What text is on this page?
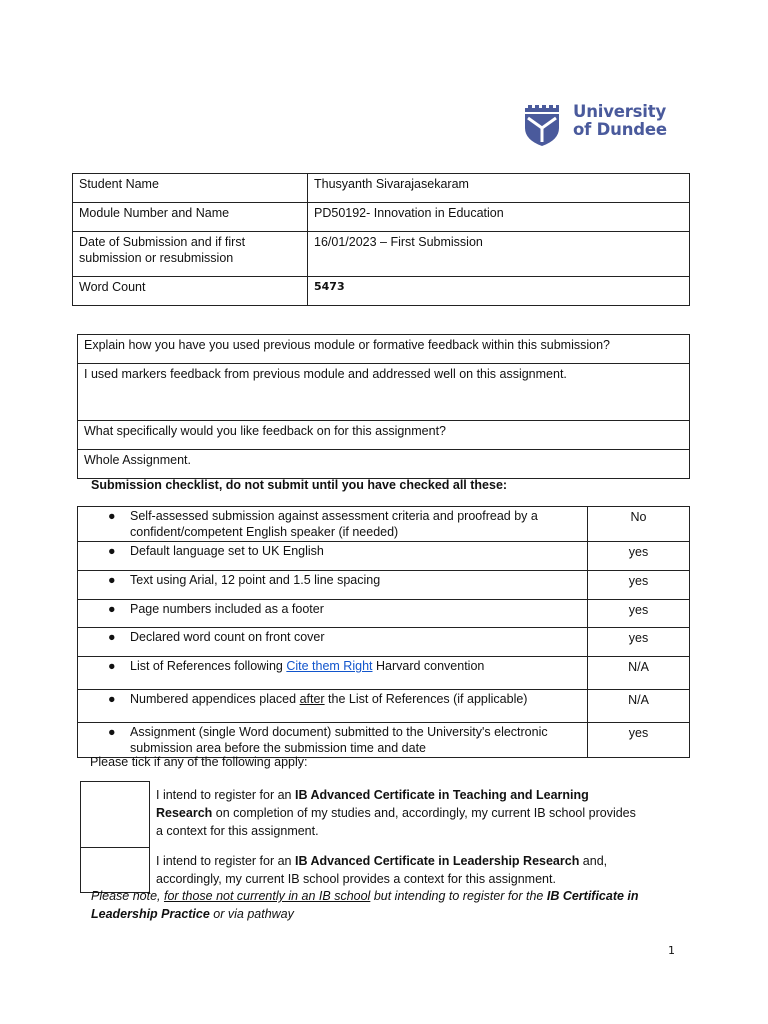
University
of Dundee
Student Name	Thusyanth Sivarajasekaram
Module Number and Name	PD50192- Innovation in Education
Date of Submission and if first submission or resubmission	16/01/2023 – First Submission
Word Count	5473
Explain how you have you used previous module or formative feedback within this submission?
I used markers feedback from previous module and addressed well on this assignment.
What specifically would you like feedback on for this assignment?
Whole Assignment.
Submission checklist, do not submit until you have checked all these:
● Self-assessed submission against assessment criteria and proofread by a confident/competent English speaker (if needed)	No

● Default language set to UK English	yes

● Text using Arial, 12 point and 1.5 line spacing	yes

● Page numbers included as a footer	yes

● Declared word count on front cover	yes

● List of References following Cite them Right Harvard convention	N/A

● Numbered appendices placed after the List of References (if applicable)	N/A

● Assignment (single Word document) submitted to the University's electronic submission area before the submission time and date	yes
Please tick if any of the following apply:
	I intend to register for an IB Advanced Certificate in Teaching and Learning Research on completion of my studies and, accordingly, my current IB school provides a context for this assignment.
	I intend to register for an IB Advanced Certificate in Leadership Research and, accordingly, my current IB school provides a context for this assignment.
Please note, for those not currently in an IB school but intending to register for the IB Certificate in Leadership Practice or via pathway
1
